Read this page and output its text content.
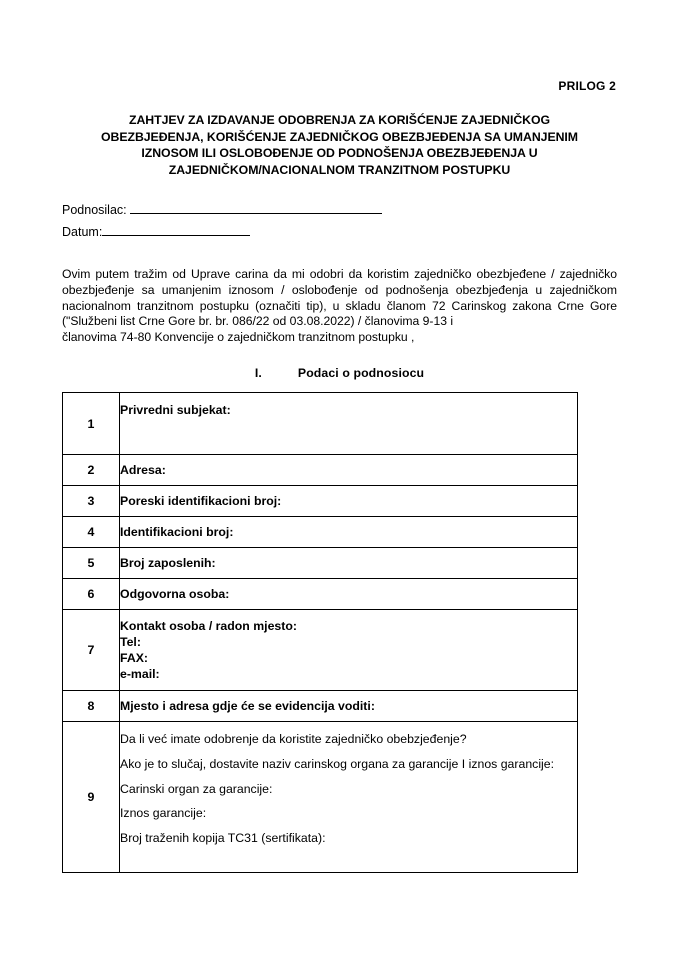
PRILOG 2
ZAHTJEV ZA IZDAVANJE ODOBRENJA ZA KORIŠĆENJE ZAJEDNIČKOG
OBEZBJEĐENJA, KORIŠĆENJE ZAJEDNIČKOG OBEZBJEĐENJA SA UMANJENIM
IZNOSOM ILI OSLOBOĐENJE OD PODNOŠENJA OBEZBJEĐENJA U
ZAJEDNIČKOM/NACIONALNOM TRANZITNOM POSTUPKU
Podnosilac:
Datum:
Ovim putem tražim od Uprave carina da mi odobri da koristim zajedničko obezbjeđene / zajedničko obezbjeđenje sa umanjenim iznosom / oslobođenje od podnošenja obezbjeđenja u zajedničkom nacionalnom tranzitnom postupku (označiti tip), u skladu članom 72 Carinskog zakona Crne Gore ("Službeni list Crne Gore br. br. 086/22 od 03.08.2022) / članovima 9-13 i
članovima 74-80 Konvencije o zajedničkom tranzitnom postupku ,
I.	Podaci o podnosiocu
1	Privredni subjekat:
2	Adresa:
3	Poreski identifikacioni broj:
4	Identifikacioni broj:
5	Broj zaposlenih:
6	Odgovorna osoba:
7	Kontakt osoba / radon mjesto:
Tel:
FAX:
e-mail:

8	Mjesto i adresa gdje će se evidencija voditi:
9	Da li već imate odobrenje da koristite zajedničko obebzjeđenje?

Ako je to slučaj, dostavite naziv carinskog organa za garancije I iznos garancije:

Carinski organ za garancije:

Iznos garancije:

Broj traženih kopija TC31 (sertifikata):
